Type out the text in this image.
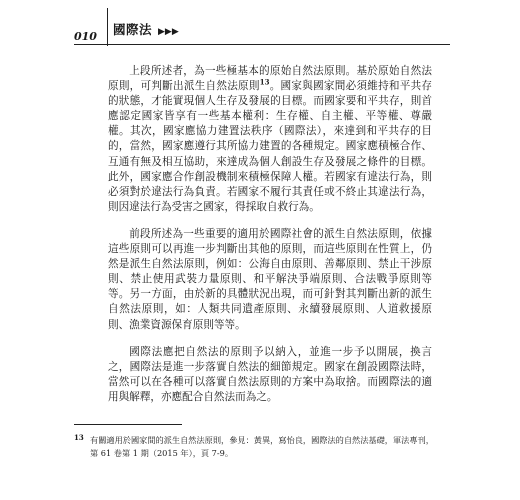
010 國際法 ▶▶▶

上段所述者，為一些極基本的原始自然法原則。基於原始自然法原則，可判斷出派生自然法原則$^{13}$。國家與國家間必須維持和平共存的狀態，才能實現個人生存及發展的目標。而國家要和平共存，則首應認定國家皆享有一些基本權利：生存權、自主權、平等權、尊嚴權。其次，國家應協力建置法秩序（國際法），來達到和平共存的目的，當然，國家應遵行其所協力建置的各種規定。國家應積極合作、互通有無及相互協助，來達成為個人創設生存及發展之條件的目標。此外，國家應合作創設機制來積極保障人權。若國家有違法行為，則必須對於違法行為負責。若國家不履行其責任或不終止其違法行為，則因違法行為受害之國家，得採取自救行為。

前段所述為一些重要的適用於國際社會的派生自然法原則，依據這些原則可以再進一步判斷出其他的原則，而這些原則在性質上，仍然是派生自然法原則，例如：公海自由原則、善鄰原則、禁止干涉原則、禁止使用武裝力量原則、和平解決爭端原則、合法戰爭原則等等。另一方面，由於新的具體狀況出現，而可針對其判斷出新的派生自然法原則，如：人類共同遺產原則、永續發展原則、人道救援原則、漁業資源保育原則等等。

國際法應把自然法的原則予以納入，並進一步予以開展，換言之，國際法是進一步落實自然法的細節規定。國家在創設國際法時，當然可以在各種可以落實自然法原則的方案中為取捨。而國際法的適用與解釋，亦應配合自然法而為之。

13 有關適用於國家間的派生自然法原則，參見：黃異，寫怡良，國際法的自然法基礎，軍法專刊，第 61 卷第 1 期（2015 年），頁 7-9。
